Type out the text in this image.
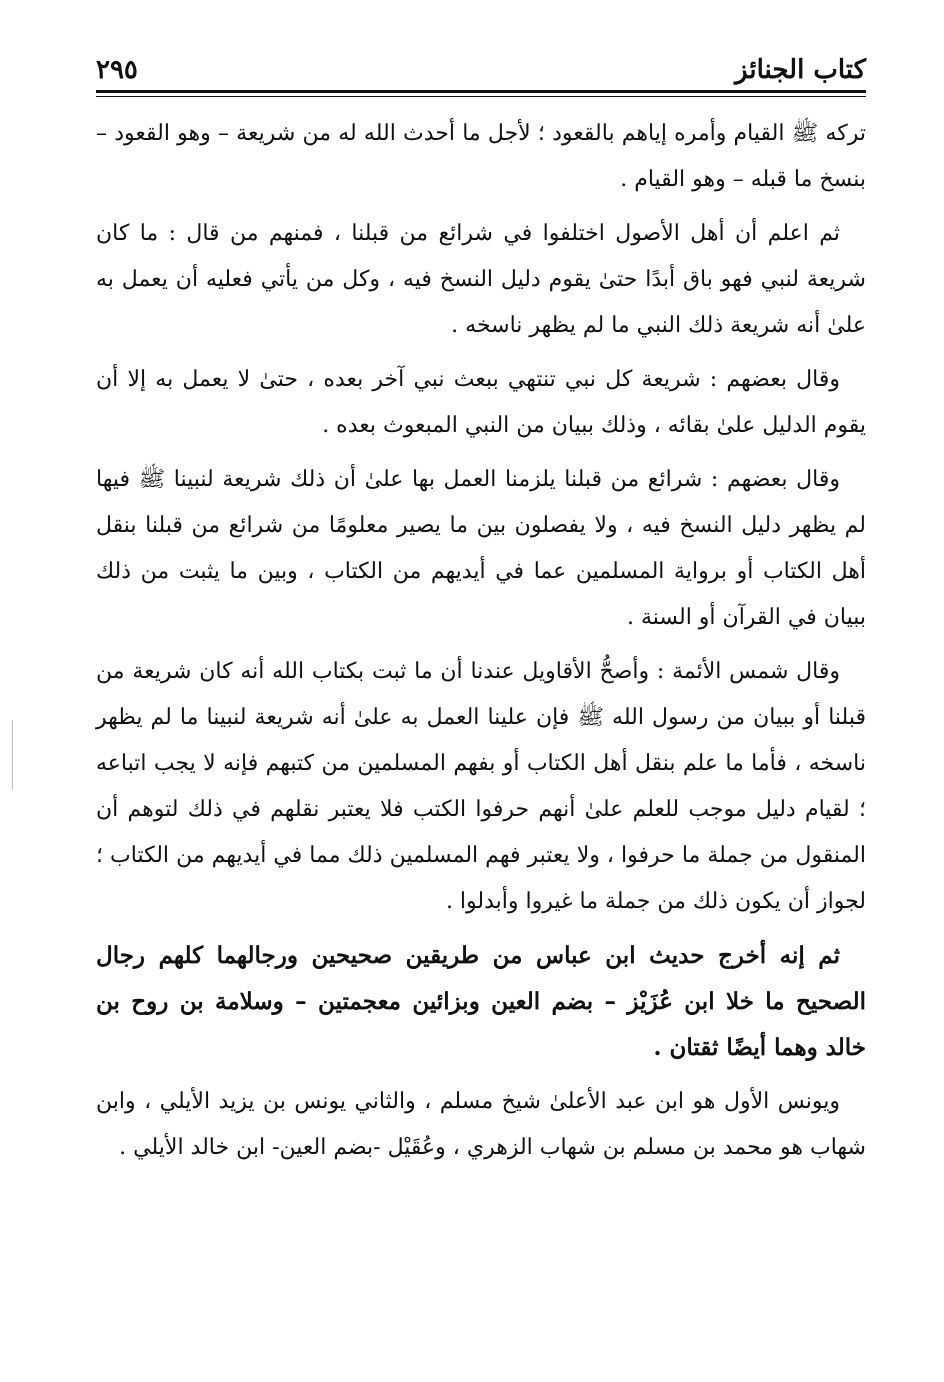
كتاب الجنائز
٢٩٥

تركه ﷺ القيام وأمره إياهم بالقعود ؛ لأجل ما أحدث الله له من شريعة – وهو القعود – بنسخ ما قبله – وهو القيام .

ثم اعلم أن أهل الأصول اختلفوا في شرائع من قبلنا ، فمنهم من قال : ما كان شريعة لنبي فهو باق أبدًا حتىٰ يقوم دليل النسخ فيه ، وكل من يأتي فعليه أن يعمل به علىٰ أنه شريعة ذلك النبي ما لم يظهر ناسخه .

وقال بعضهم : شريعة كل نبي تنتهي ببعث نبي آخر بعده ، حتىٰ لا يعمل به إلا أن يقوم الدليل علىٰ بقائه ، وذلك ببيان من النبي المبعوث بعده .

وقال بعضهم : شرائع من قبلنا يلزمنا العمل بها علىٰ أن ذلك شريعة لنبينا ﷺ فيها لم يظهر دليل النسخ فيه ، ولا يفصلون بين ما يصير معلومًا من شرائع من قبلنا بنقل أهل الكتاب أو برواية المسلمين عما في أيديهم من الكتاب ، وبين ما يثبت من ذلك ببيان في القرآن أو السنة .

وقال شمس الأئمة : وأصحُّ الأقاويل عندنا أن ما ثبت بكتاب الله أنه كان شريعة من قبلنا أو ببيان من رسول الله ﷺ فإن علينا العمل به علىٰ أنه شريعة لنبينا ما لم يظهر ناسخه ، فأما ما علم بنقل أهل الكتاب أو بفهم المسلمين من كتبهم فإنه لا يجب اتباعه ؛ لقيام دليل موجب للعلم علىٰ أنهم حرفوا الكتب فلا يعتبر نقلهم في ذلك لتوهم أن المنقول من جملة ما حرفوا ، ولا يعتبر فهم المسلمين ذلك مما في أيديهم من الكتاب ؛ لجواز أن يكون ذلك من جملة ما غيروا وأبدلوا .

ثم إنه أخرج حديث ابن عباس من طريقين صحيحين ورجالهما كلهم رجال الصحيح ما خلا ابن عُزَيْز – بضم العين وبزائين معجمتين – وسلامة بن روح بن خالد وهما أيضًا ثقتان .

ويونس الأول هو ابن عبد الأعلىٰ شيخ مسلم ، والثاني يونس بن يزيد الأيلي ، وابن شهاب هو محمد بن مسلم بن شهاب الزهري ، وعُقَيْل -بضم العين- ابن خالد الأيلي .
